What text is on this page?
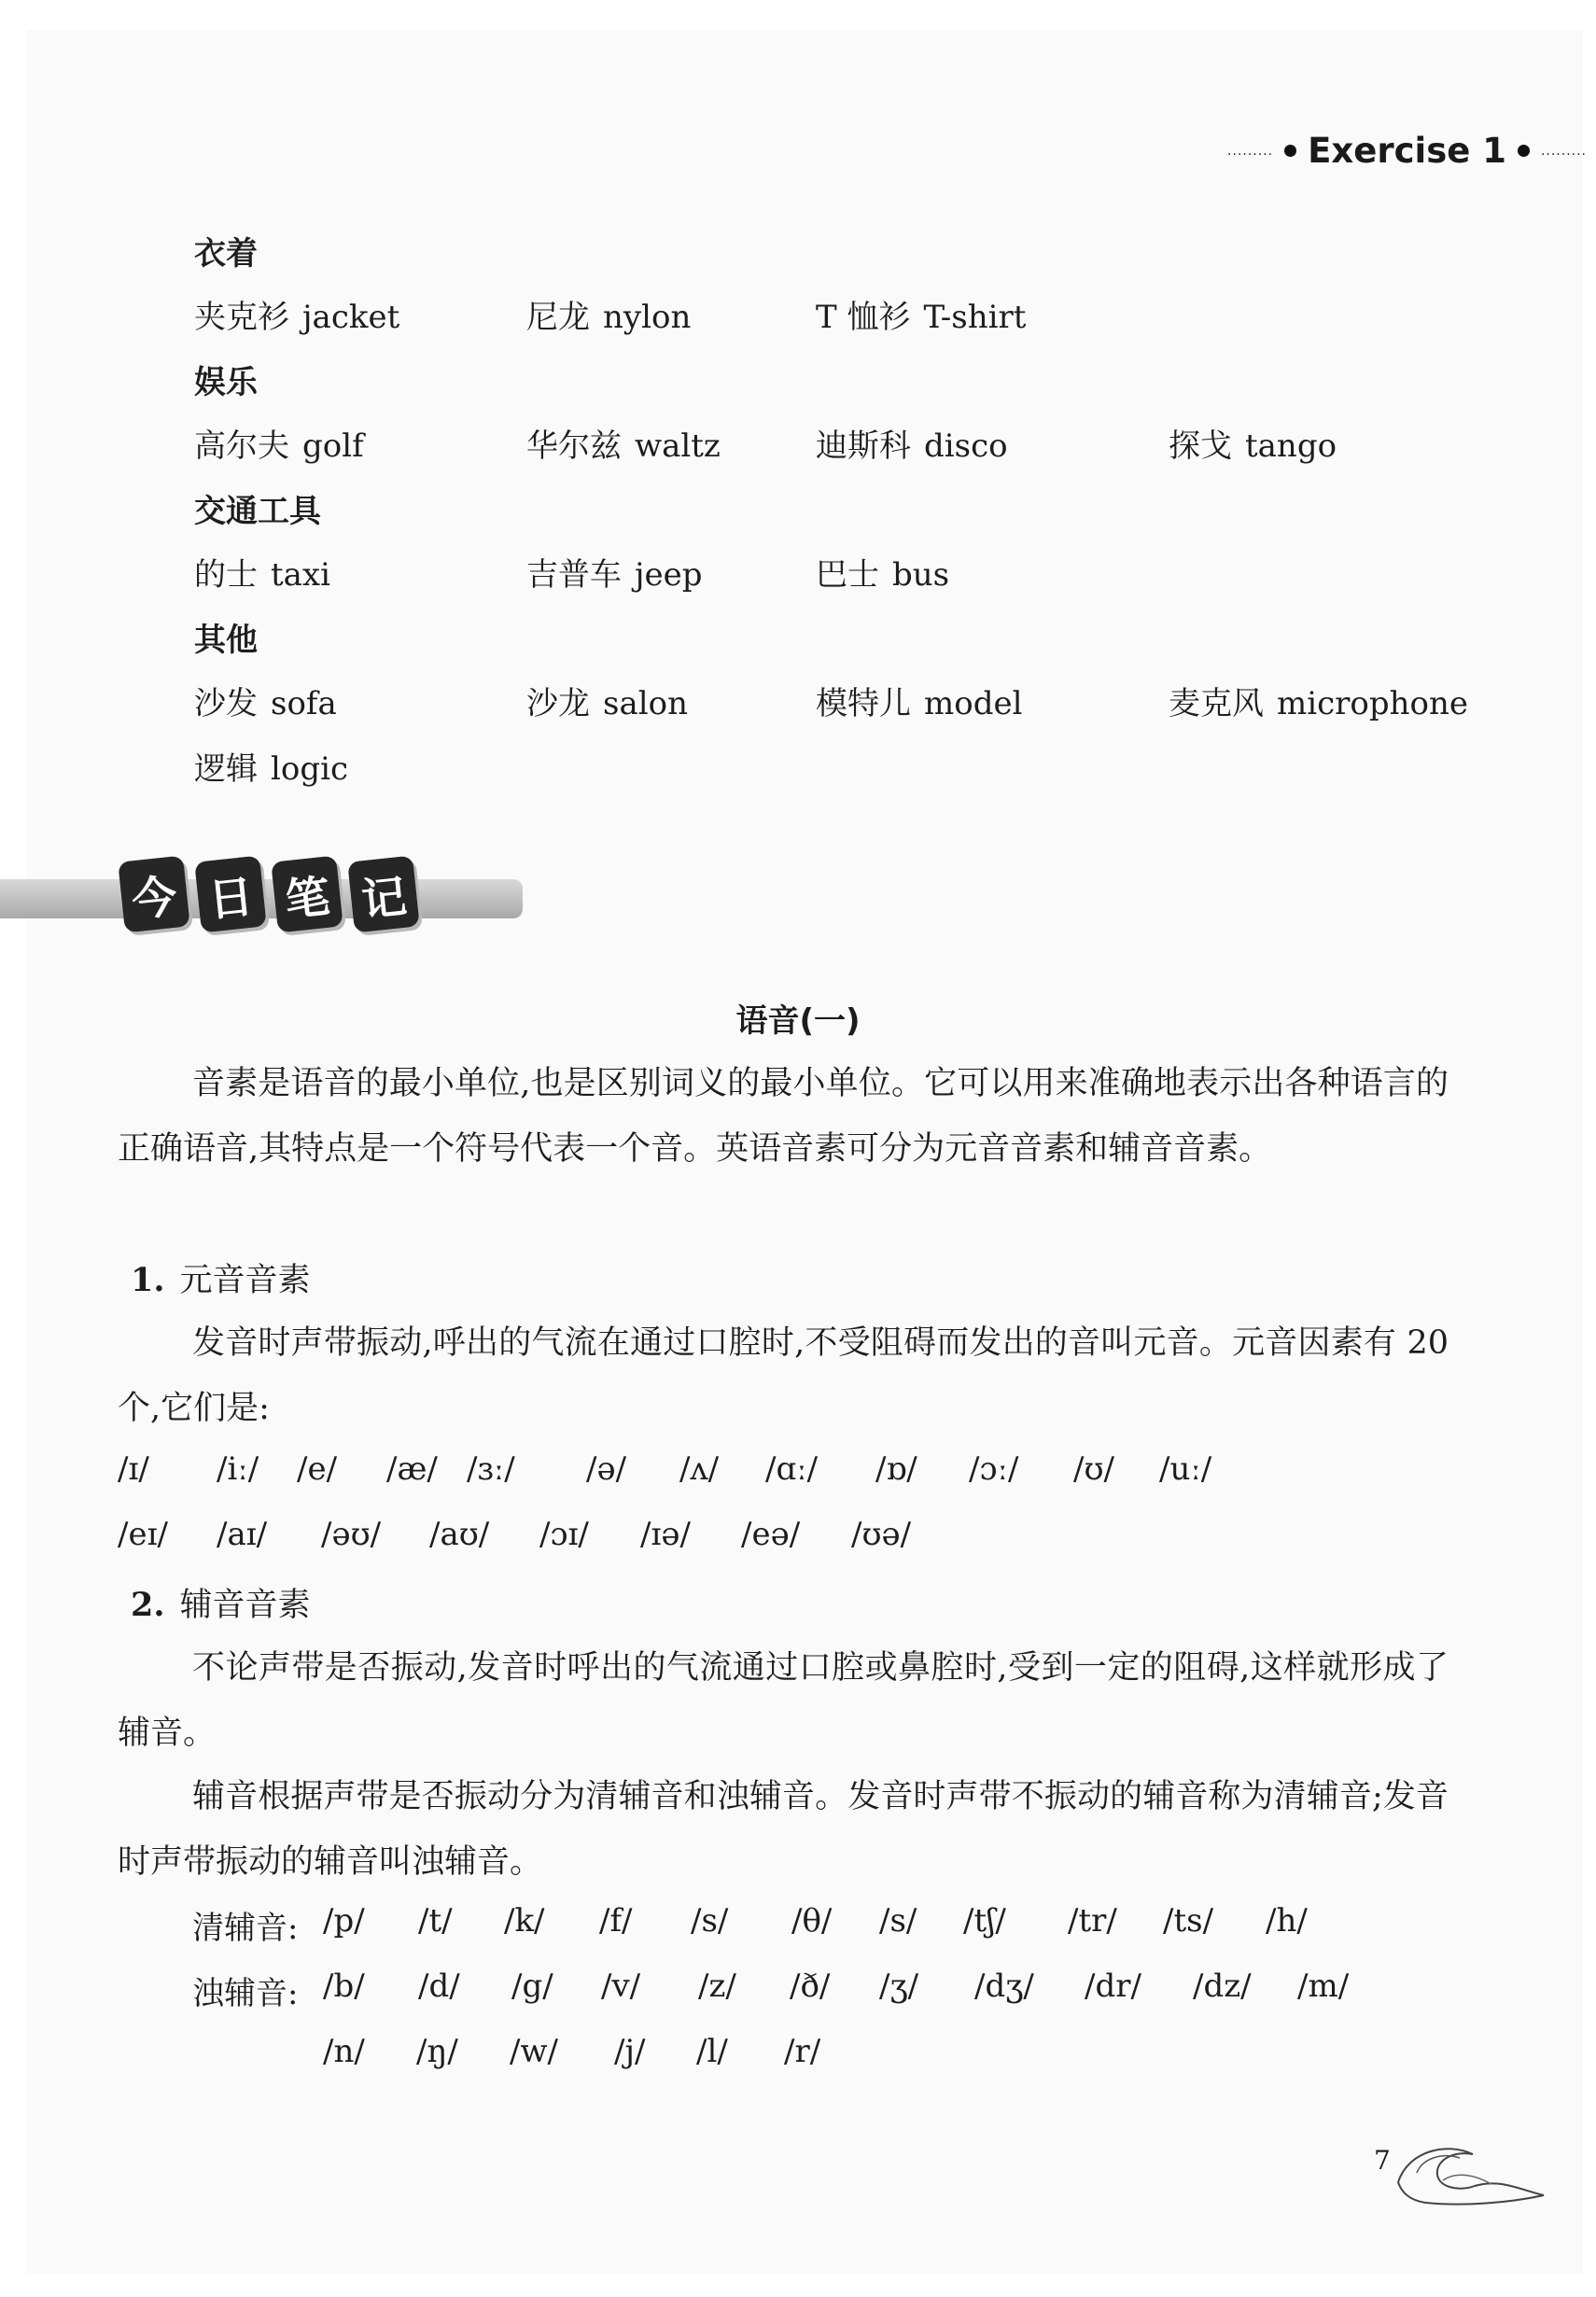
......... Exercise 1	.........
衣着
夹克衫 jacket	尼龙 nylon	T 恤衫 T-shirt
娱乐
高尔夫 golf	华尔兹 waltz	迪斯科 disco	探戈 tango
交通工具
的士 taxi	吉普车 jeep	巴士 bus
其他
沙发 sofa	沙龙 salon	模特儿 model	麦克风 microphone
逻辑 logic
今 日 笔 记
语音(一)
音素是语音的最小单位,也是区别词义的最小单位。它可以用来准确地表示出各种语言的正确语音,其特点是一个符号代表一个音。英语音素可分为元音音素和辅音音素。
1. 元音音素
发音时声带振动,呼出的气流在通过口腔时,不受阻碍而发出的音叫元音。元音因素有 20 个,它们是:
/ɪ/ /iː/ /e/ /æ/ /ɜː/ /ə/ /ʌ/ /ɑː/ /ɒ/ /ɔː/ /ʊ/ /uː/
/eɪ/ /aɪ/ /əʊ/ /aʊ/ /ɔɪ/ /ɪə/ /eə/ /ʊə/
2. 辅音音素
不论声带是否振动,发音时呼出的气流通过口腔或鼻腔时,受到一定的阻碍,这样就形成了辅音。
辅音根据声带是否振动分为清辅音和浊辅音。发音时声带不振动的辅音称为清辅音;发音时声带振动的辅音叫浊辅音。
清辅音: /p/ /t/ /k/ /f/ /s/ /θ/ /s/ /tʃ/ /tr/ /ts/ /h/
浊辅音: /b/ /d/ /g/ /v/ /z/ /ð/ /ʒ/ /dʒ/ /dr/ /dz/ /m/
/n/ /ŋ/ /w/ /j/ /l/ /r/
7
